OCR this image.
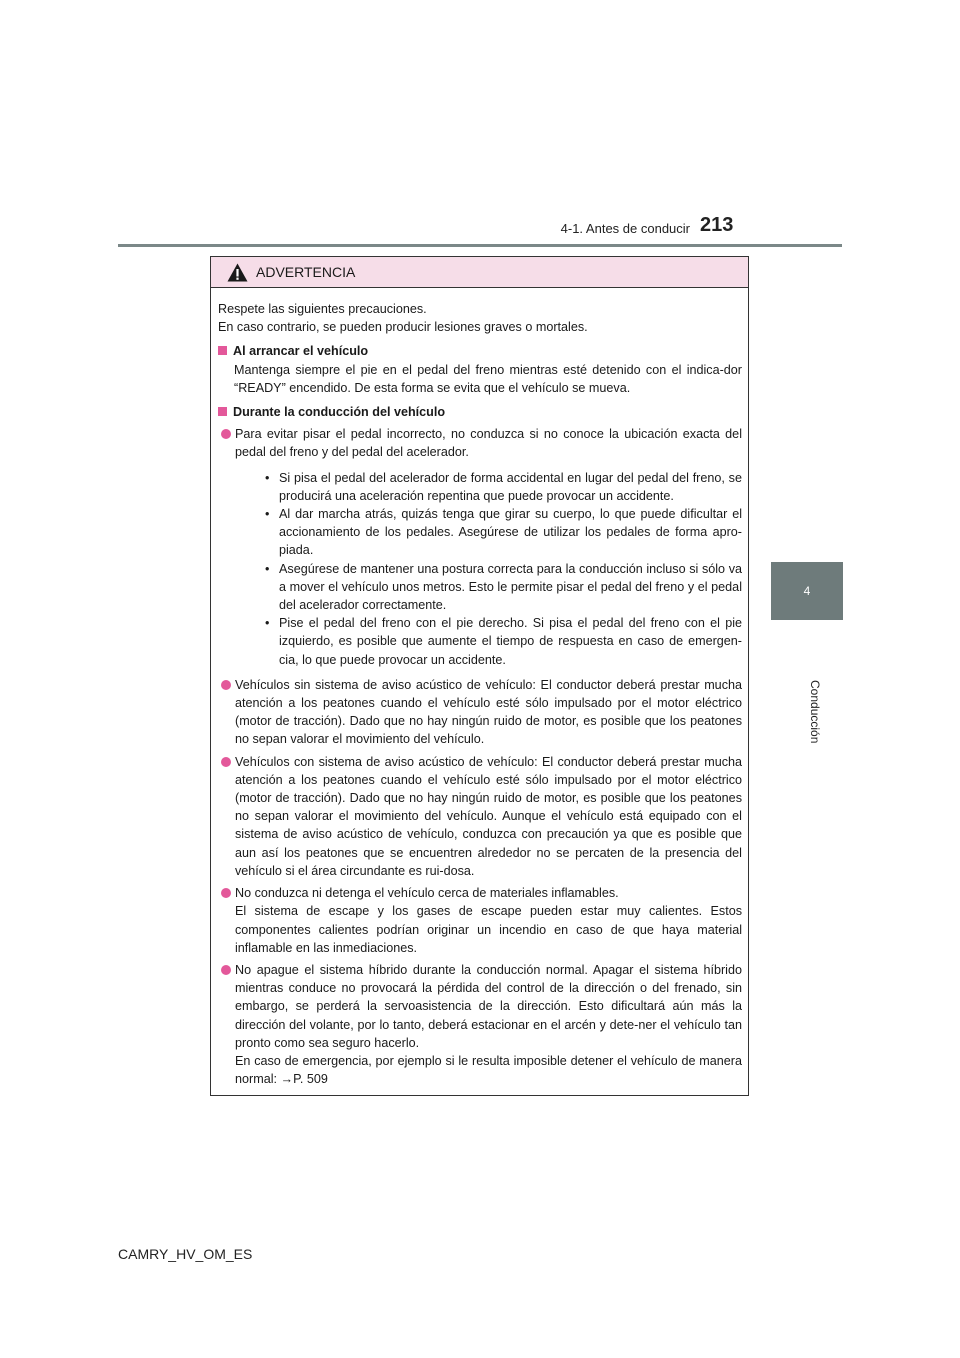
4-1. Antes de conducir 213
4
Conducción
ADVERTENCIA

Respete las siguientes precauciones.

En caso contrario, se pueden producir lesiones graves o mortales.

Al arrancar el vehículo

Mantenga siempre el pie en el pedal del freno mientras esté detenido con el indica-dor “READY” encendido. De esta forma se evita que el vehículo se mueva.

Durante la conducción del vehículo

Para evitar pisar el pedal incorrecto, no conduzca si no conoce la ubicación exacta del pedal del freno y del pedal del acelerador.

• Si pisa el pedal del acelerador de forma accidental en lugar del pedal del freno, se producirá una aceleración repentina que puede provocar un accidente.
• Al dar marcha atrás, quizás tenga que girar su cuerpo, lo que puede dificultar el accionamiento de los pedales. Asegúrese de utilizar los pedales de forma apro-piada.
• Asegúrese de mantener una postura correcta para la conducción incluso si sólo va a mover el vehículo unos metros. Esto le permite pisar el pedal del freno y el pedal del acelerador correctamente.
• Pise el pedal del freno con el pie derecho. Si pisa el pedal del freno con el pie izquierdo, es posible que aumente el tiempo de respuesta en caso de emergen-cia, lo que puede provocar un accidente.

Vehículos sin sistema de aviso acústico de vehículo: El conductor deberá prestar mucha atención a los peatones cuando el vehículo esté sólo impulsado por el motor eléctrico (motor de tracción). Dado que no hay ningún ruido de motor, es posible que los peatones no sepan valorar el movimiento del vehículo.

Vehículos con sistema de aviso acústico de vehículo: El conductor deberá prestar mucha atención a los peatones cuando el vehículo esté sólo impulsado por el motor eléctrico (motor de tracción). Dado que no hay ningún ruido de motor, es posible que los peatones no sepan valorar el movimiento del vehículo. Aunque el vehículo está equipado con el sistema de aviso acústico de vehículo, conduzca con precaución ya que es posible que aun así los peatones que se encuentren alrededor no se percaten de la presencia del vehículo si el área circundante es rui-dosa.

No conduzca ni detenga el vehículo cerca de materiales inflamables.

El sistema de escape y los gases de escape pueden estar muy calientes. Estos componentes calientes podrían originar un incendio en caso de que haya material inflamable en las inmediaciones.

No apague el sistema híbrido durante la conducción normal. Apagar el sistema híbrido mientras conduce no provocará la pérdida del control de la dirección o del frenado, sin embargo, se perderá la servoasistencia de la dirección. Esto dificultará aún más la dirección del volante, por lo tanto, deberá estacionar en el arcén y dete-ner el vehículo tan pronto como sea seguro hacerlo.

En caso de emergencia, por ejemplo si le resulta imposible detener el vehículo de manera normal: →P. 509

CAMRY_HV_OM_ES
